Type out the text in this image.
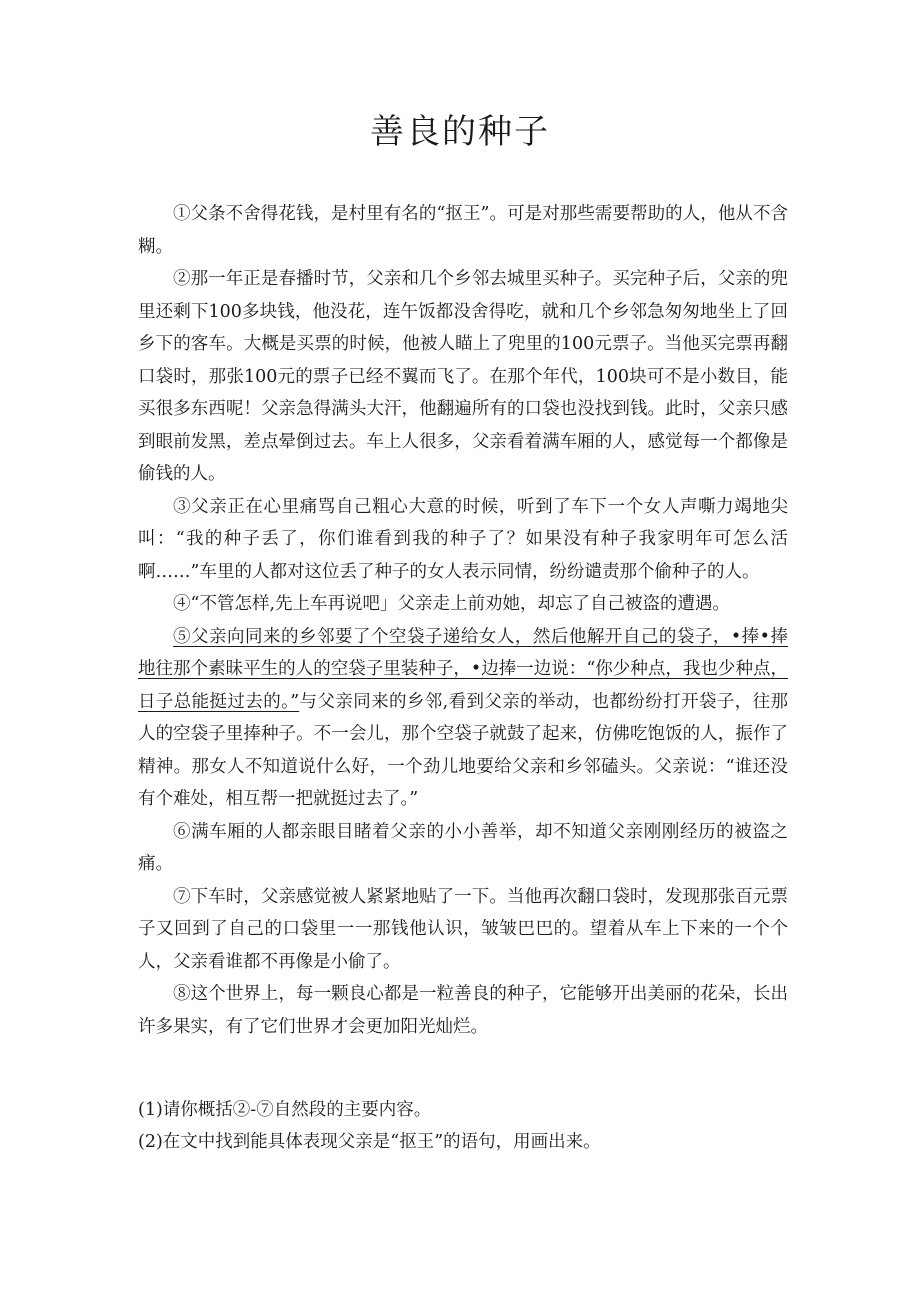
善良的种子

①父条不舍得花钱，是村里有名的“抠王”。可是对那些需要帮助的人，他从不含糊。

②那一年正是春播时节，父亲和几个乡邻去城里买种子。买完种子后，父亲的兜里还剩下100多块钱，他没花，连午饭都没舍得吃，就和几个乡邻急匆匆地坐上了回乡下的客车。大概是买票的时候，他被人瞄上了兜里的100元票子。当他买完票再翻口袋时，那张100元的票子已经不翼而飞了。在那个年代，100块可不是小数目，能买很多东西呢！父亲急得满头大汗，他翻遍所有的口袋也没找到钱。此时，父亲只感到眼前发黑，差点晕倒过去。车上人很多，父亲看着满车厢的人，感觉每一个都像是偷钱的人。

③父亲正在心里痛骂自己粗心大意的时候，听到了车下一个女人声嘶力竭地尖叫：“我的种子丢了，你们谁看到我的种子了？如果没有种子我家明年可怎么活啊……”车里的人都对这位丢了种子的女人表示同情，纷纷谴责那个偷种子的人。

④“不管怎样,先上车再说吧」父亲走上前劝她，却忘了自己被盗的遭遇。

⑤父亲向同来的乡邻要了个空袋子递给女人，然后他解开自己的袋子，•捧•捧地往那个素昧平生的人的空袋子里装种子，•边捧一边说：“你少种点，我也少种点，日子总能挺过去的。”与父亲同来的乡邻,看到父亲的举动，也都纷纷打开袋子，往那人的空袋子里捧种子。不一会儿，那个空袋子就鼓了起来，仿佛吃饱饭的人，振作了精神。那女人不知道说什么好，一个劲儿地要给父亲和乡邻磕头。父亲说：“谁还没有个难处，相互帮一把就挺过去了。”

⑥满车厢的人都亲眼目睹着父亲的小小善举，却不知道父亲刚刚经历的被盗之痛。

⑦下车时，父亲感觉被人紧紧地贴了一下。当他再次翻口袋时，发现那张百元票子又回到了自己的口袋里一一那钱他认识，皱皱巴巴的。望着从车上下来的一个个人，父亲看谁都不再像是小偷了。

⑧这个世界上，每一颗良心都是一粒善良的种子，它能够开出美丽的花朵，长出许多果实，有了它们世界才会更加阳光灿烂。

(1)请你概括②-⑦自然段的主要内容。

(2)在文中找到能具体表现父亲是“抠王”的语句，用画出来。
